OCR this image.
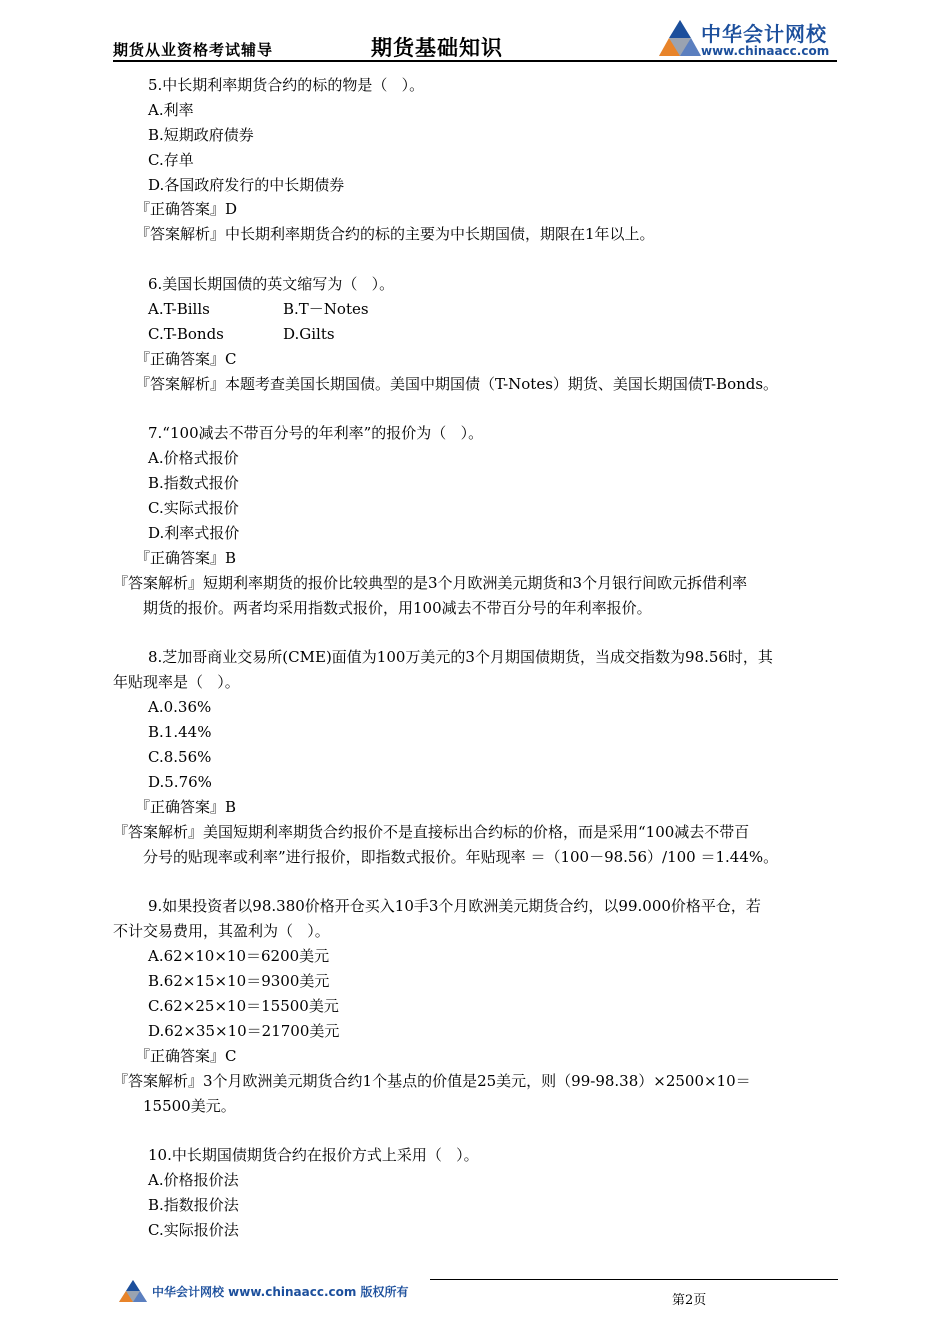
期货从业资格考试辅导	期货基础知识
中华会计网校
www.chinaacc.com
5.中长期利率期货合约的标的物是（   ）。
A.利率
B.短期政府债券
C.存单
D.各国政府发行的中长期债券
『正确答案』D
『答案解析』中长期利率期货合约的标的主要为中长期国债，期限在1年以上。
6.美国长期国债的英文缩写为（   ）。
A.T-Bills	B.T－Notes
C.T-Bonds	D.Gilts
『正确答案』C
『答案解析』本题考查美国长期国债。美国中期国债（T-Notes）期货、美国长期国债T-Bonds。
7.“100减去不带百分号的年利率”的报价为（   ）。
A.价格式报价
B.指数式报价
C.实际式报价
D.利率式报价
『正确答案』B
『答案解析』短期利率期货的报价比较典型的是3个月欧洲美元期货和3个月银行间欧元拆借利率
期货的报价。两者均采用指数式报价，用100减去不带百分号的年利率报价。
8.芝加哥商业交易所(CME)面值为100万美元的3个月期国债期货，当成交指数为98.56时，其
年贴现率是（   ）。
A.0.36%
B.1.44%
C.8.56%
D.5.76%
『正确答案』B
『答案解析』美国短期利率期货合约报价不是直接标出合约标的价格，而是采用“100减去不带百
分号的贴现率或利率”进行报价，即指数式报价。年贴现率 ＝（100－98.56）/100 ＝1.44%。
9.如果投资者以98.380价格开仓买入10手3个月欧洲美元期货合约，以99.000价格平仓，若
不计交易费用，其盈利为（   ）。
A.62×10×10＝6200美元
B.62×15×10＝9300美元
C.62×25×10＝15500美元
D.62×35×10＝21700美元
『正确答案』C
『答案解析』3个月欧洲美元期货合约1个基点的价值是25美元，则（99-98.38）×2500×10＝
15500美元。
10.中长期国债期货合约在报价方式上采用（   ）。
A.价格报价法
B.指数报价法
C.实际报价法
中华会计网校 www.chinaacc.com 版权所有
第2页
